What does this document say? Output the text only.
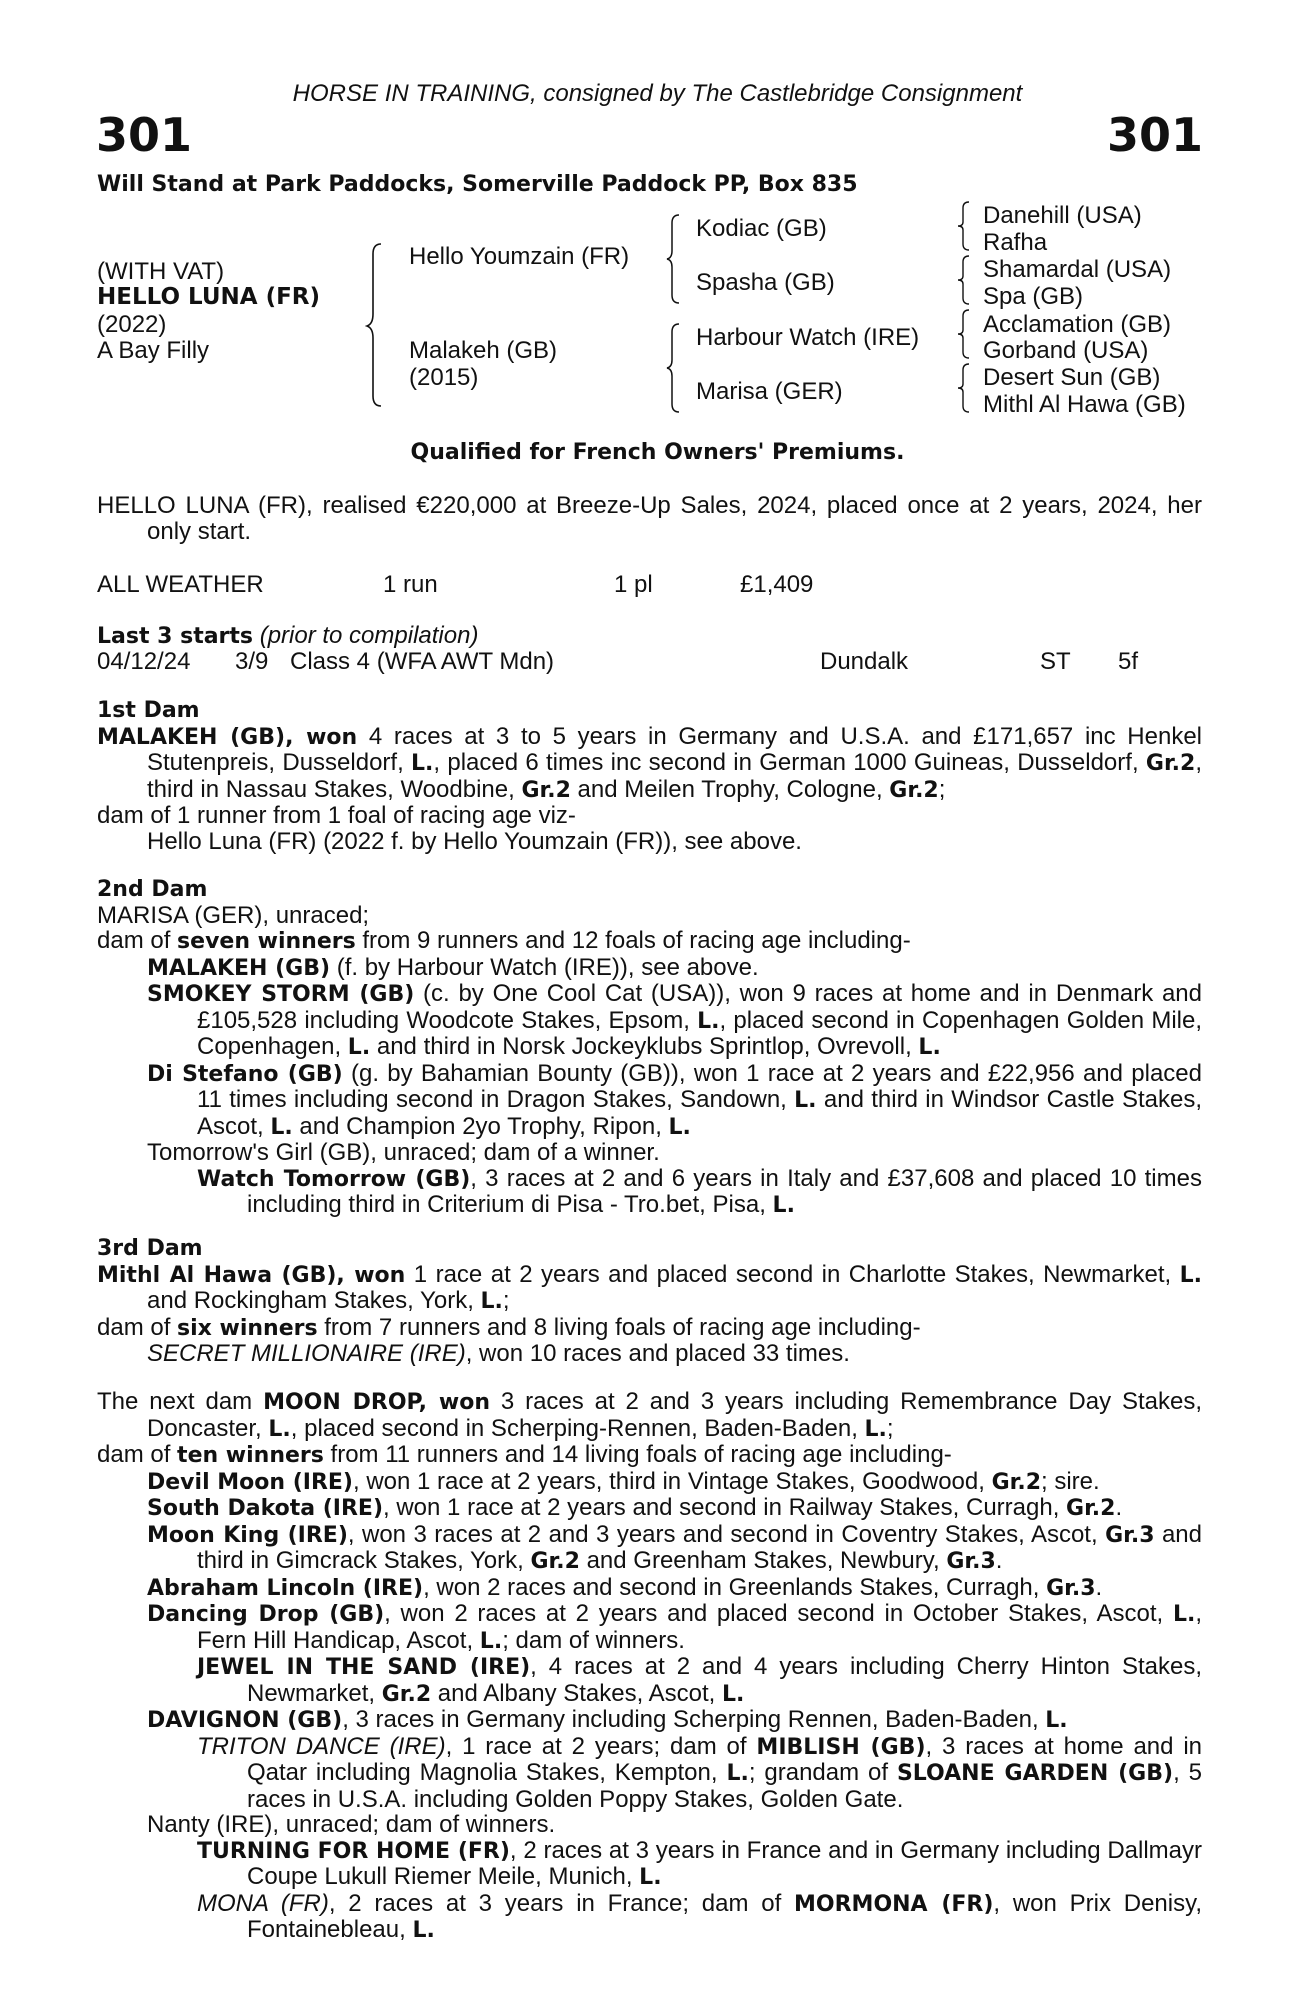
HORSE IN TRAINING, consigned by The Castlebridge Consignment
301	301
Will Stand at Park Paddocks, Somerville Paddock PP, Box 835
(WITH VAT)
HELLO LUNA (FR)
(2022)
A Bay Filly
Hello Youmzain (FR)
Malakeh (GB)
(2015)
Kodiac (GB)
Spasha (GB)
Harbour Watch (IRE)
Marisa (GER)
Danehill (USA)
Rafha
Shamardal (USA)
Spa (GB)
Acclamation (GB)
Gorband (USA)
Desert Sun (GB)
Mithl Al Hawa (GB)
Qualified for French Owners' Premiums.

HELLO LUNA (FR), realised €220,000 at Breeze-Up Sales, 2024, placed once at 2 years, 2024, her only start.

ALL WEATHER	1 run	1 pl	£1,409
Last 3 starts (prior to compilation)
04/12/24 3/9 Class 4 (WFA AWT Mdn)	Dundalk	ST 5f

1st Dam

MALAKEH (GB), won 4 races at 3 to 5 years in Germany and U.S.A. and £171,657 inc Henkel Stutenpreis, Dusseldorf, L., placed 6 times inc second in German 1000 Guineas, Dusseldorf, Gr.2, third in Nassau Stakes, Woodbine, Gr.2 and Meilen Trophy, Cologne, Gr.2;

dam of 1 runner from 1 foal of racing age viz-

Hello Luna (FR) (2022 f. by Hello Youmzain (FR)), see above.

2nd Dam

MARISA (GER), unraced;

dam of seven winners from 9 runners and 12 foals of racing age including-

MALAKEH (GB) (f. by Harbour Watch (IRE)), see above.

SMOKEY STORM (GB) (c. by One Cool Cat (USA)), won 9 races at home and in Denmark and £105,528 including Woodcote Stakes, Epsom, L., placed second in Copenhagen Golden Mile, Copenhagen, L. and third in Norsk Jockeyklubs Sprintlop, Ovrevoll, L.

Di Stefano (GB) (g. by Bahamian Bounty (GB)), won 1 race at 2 years and £22,956 and placed 11 times including second in Dragon Stakes, Sandown, L. and third in Windsor Castle Stakes, Ascot, L. and Champion 2yo Trophy, Ripon, L.

Tomorrow's Girl (GB), unraced; dam of a winner.

Watch Tomorrow (GB), 3 races at 2 and 6 years in Italy and £37,608 and placed 10 times including third in Criterium di Pisa - Tro.bet, Pisa, L.

3rd Dam

Mithl Al Hawa (GB), won 1 race at 2 years and placed second in Charlotte Stakes, Newmarket, L. and Rockingham Stakes, York, L.;

dam of six winners from 7 runners and 8 living foals of racing age including-

SECRET MILLIONAIRE (IRE), won 10 races and placed 33 times.

The next dam MOON DROP, won 3 races at 2 and 3 years including Remembrance Day Stakes, Doncaster, L., placed second in Scherping-Rennen, Baden-Baden, L.;

dam of ten winners from 11 runners and 14 living foals of racing age including-

Devil Moon (IRE), won 1 race at 2 years, third in Vintage Stakes, Goodwood, Gr.2; sire.

South Dakota (IRE), won 1 race at 2 years and second in Railway Stakes, Curragh, Gr.2.

Moon King (IRE), won 3 races at 2 and 3 years and second in Coventry Stakes, Ascot, Gr.3 and third in Gimcrack Stakes, York, Gr.2 and Greenham Stakes, Newbury, Gr.3.

Abraham Lincoln (IRE), won 2 races and second in Greenlands Stakes, Curragh, Gr.3.

Dancing Drop (GB), won 2 races at 2 years and placed second in October Stakes, Ascot, L., Fern Hill Handicap, Ascot, L.; dam of winners.

JEWEL IN THE SAND (IRE), 4 races at 2 and 4 years including Cherry Hinton Stakes, Newmarket, Gr.2 and Albany Stakes, Ascot, L.

DAVIGNON (GB), 3 races in Germany including Scherping Rennen, Baden-Baden, L.

TRITON DANCE (IRE), 1 race at 2 years; dam of MIBLISH (GB), 3 races at home and in Qatar including Magnolia Stakes, Kempton, L.; grandam of SLOANE GARDEN (GB), 5 races in U.S.A. including Golden Poppy Stakes, Golden Gate.

Nanty (IRE), unraced; dam of winners.

TURNING FOR HOME (FR), 2 races at 3 years in France and in Germany including Dallmayr Coupe Lukull Riemer Meile, Munich, L.

MONA (FR), 2 races at 3 years in France; dam of MORMONA (FR), won Prix Denisy, Fontainebleau, L.
